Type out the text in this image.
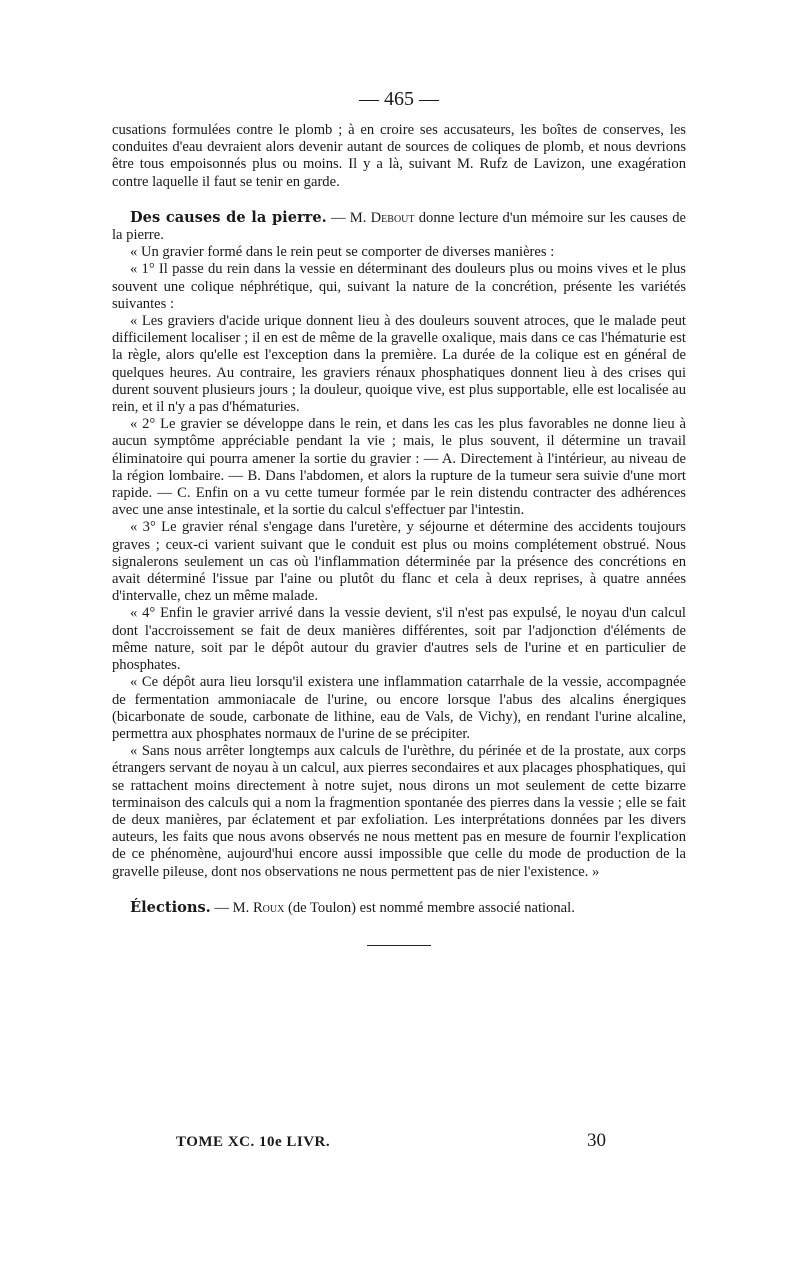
— 465 —

cusations formulées contre le plomb ; à en croire ses accusateurs, les boîtes de conserves, les conduites d'eau devraient alors devenir autant de sources de coliques de plomb, et nous devrions être tous empoisonnés plus ou moins. Il y a là, suivant M. Rufz de Lavizon, une exagération contre laquelle il faut se tenir en garde.

Des causes de la pierre. — M. Debout donne lecture d'un mémoire sur les causes de la pierre.

« Un gravier formé dans le rein peut se comporter de diverses manières :

« 1° Il passe du rein dans la vessie en déterminant des douleurs plus ou moins vives et le plus souvent une colique néphrétique, qui, suivant la nature de la concrétion, présente les variétés suivantes :

« Les graviers d'acide urique donnent lieu à des douleurs souvent atroces, que le malade peut difficilement localiser ; il en est de même de la gravelle oxalique, mais dans ce cas l'hématurie est la règle, alors qu'elle est l'exception dans la première. La durée de la colique est en général de quelques heures. Au contraire, les graviers rénaux phosphatiques donnent lieu à des crises qui durent souvent plusieurs jours ; la douleur, quoique vive, est plus supportable, elle est localisée au rein, et il n'y a pas d'hématuries.

« 2° Le gravier se développe dans le rein, et dans les cas les plus favorables ne donne lieu à aucun symptôme appréciable pendant la vie ; mais, le plus souvent, il détermine un travail éliminatoire qui pourra amener la sortie du gravier : — A. Directement à l'intérieur, au niveau de la région lombaire. — B. Dans l'abdomen, et alors la rupture de la tumeur sera suivie d'une mort rapide. — C. Enfin on a vu cette tumeur formée par le rein distendu contracter des adhérences avec une anse intestinale, et la sortie du calcul s'effectuer par l'intestin.

« 3° Le gravier rénal s'engage dans l'uretère, y séjourne et détermine des accidents toujours graves ; ceux-ci varient suivant que le conduit est plus ou moins complétement obstrué. Nous signalerons seulement un cas où l'inflammation déterminée par la présence des concrétions en avait déterminé l'issue par l'aine ou plutôt du flanc et cela à deux reprises, à quatre années d'intervalle, chez un même malade.

« 4° Enfin le gravier arrivé dans la vessie devient, s'il n'est pas expulsé, le noyau d'un calcul dont l'accroissement se fait de deux manières différentes, soit par l'adjonction d'éléments de même nature, soit par le dépôt autour du gravier d'autres sels de l'urine et en particulier de phosphates.

« Ce dépôt aura lieu lorsqu'il existera une inflammation catarrhale de la vessie, accompagnée de fermentation ammoniacale de l'urine, ou encore lorsque l'abus des alcalins énergiques (bicarbonate de soude, carbonate de lithine, eau de Vals, de Vichy), en rendant l'urine alcaline, permettra aux phosphates normaux de l'urine de se précipiter.

« Sans nous arrêter longtemps aux calculs de l'urèthre, du périnée et de la prostate, aux corps étrangers servant de noyau à un calcul, aux pierres secondaires et aux placages phosphatiques, qui se rattachent moins directement à notre sujet, nous dirons un mot seulement de cette bizarre terminaison des calculs qui a nom la fragmention spontanée des pierres dans la vessie ; elle se fait de deux manières, par éclatement et par exfoliation. Les interprétations données par les divers auteurs, les faits que nous avons observés ne nous mettent pas en mesure de fournir l'explication de ce phénomène, aujourd'hui encore aussi impossible que celle du mode de production de la gravelle pileuse, dont nos observations ne nous permettent pas de nier l'existence. »

Élections. — M. Roux (de Toulon) est nommé membre associé national.

TOME XC. 10e LIVR.	30
